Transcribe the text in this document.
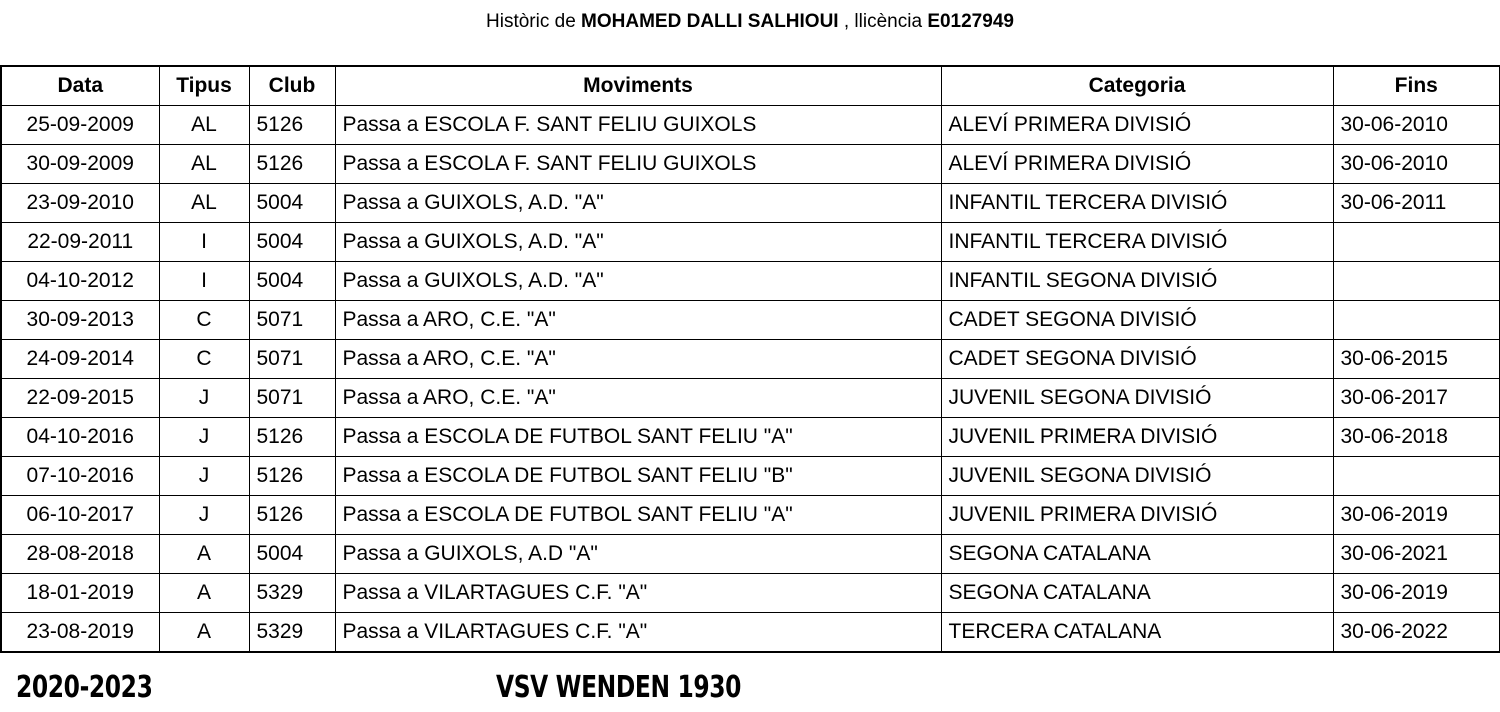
Històric de MOHAMED DALLI SALHIOUI , llicència E0127949
Data	Tipus	Club	Moviments	Categoria	Fins
25-09-2009	AL	5126	Passa a ESCOLA F. SANT FELIU GUIXOLS	ALEVÍ PRIMERA DIVISIÓ	30-06-2010
30-09-2009	AL	5126	Passa a ESCOLA F. SANT FELIU GUIXOLS	ALEVÍ PRIMERA DIVISIÓ	30-06-2010
23-09-2010	AL	5004	Passa a GUIXOLS, A.D. "A"	INFANTIL TERCERA DIVISIÓ	30-06-2011
22-09-2011	I	5004	Passa a GUIXOLS, A.D. "A"	INFANTIL TERCERA DIVISIÓ	
04-10-2012	I	5004	Passa a GUIXOLS, A.D. "A"	INFANTIL SEGONA DIVISIÓ	
30-09-2013	C	5071	Passa a ARO, C.E. "A"	CADET SEGONA DIVISIÓ	
24-09-2014	C	5071	Passa a ARO, C.E. "A"	CADET SEGONA DIVISIÓ	30-06-2015
22-09-2015	J	5071	Passa a ARO, C.E. "A"	JUVENIL SEGONA DIVISIÓ	30-06-2017
04-10-2016	J	5126	Passa a ESCOLA DE FUTBOL SANT FELIU "A"	JUVENIL PRIMERA DIVISIÓ	30-06-2018
07-10-2016	J	5126	Passa a ESCOLA DE FUTBOL SANT FELIU "B"	JUVENIL SEGONA DIVISIÓ	
06-10-2017	J	5126	Passa a ESCOLA DE FUTBOL SANT FELIU "A"	JUVENIL PRIMERA DIVISIÓ	30-06-2019
28-08-2018	A	5004	Passa a GUIXOLS, A.D "A"	SEGONA CATALANA	30-06-2021
18-01-2019	A	5329	Passa a VILARTAGUES C.F. "A"	SEGONA CATALANA	30-06-2019
23-08-2019	A	5329	Passa a VILARTAGUES C.F. "A"	TERCERA CATALANA	30-06-2022
2020-2023	VSV WENDEN 1930
